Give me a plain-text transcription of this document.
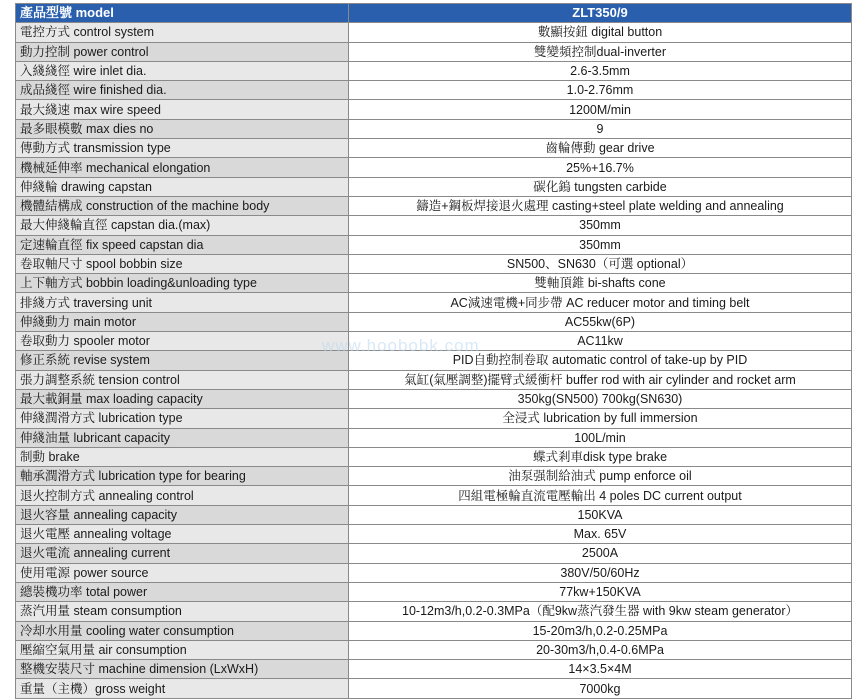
產品型號 model	ZLT350/9
電控方式 control system	數顯按鈕 digital button
動力控制 power control	雙變頻控制dual-inverter
入綫綫徑 wire inlet dia.	2.6-3.5mm
成品綫徑 wire finished dia.	1.0-2.76mm
最大綫速 max wire speed	1200M/min
最多眼模數 max dies no	9
傳動方式 transmission type	齒輪傳動 gear drive
機械延伸率 mechanical elongation	25%+16.7%
伸綫輪 drawing capstan	碳化鎢 tungsten carbide
機體結構成 construction of the machine body	鑄造+鋼板焊接退火處理 casting+steel plate welding and annealing
最大伸綫輪直徑 capstan dia.(max)	350mm
定速輪直徑 fix speed capstan dia	350mm
卷取軸尺寸 spool bobbin size	SN500、SN630（可選 optional）
上下軸方式 bobbin loading&unloading type	雙軸頂錐 bi-shafts cone
排綫方式 traversing unit	AC減速電機+同步帶 AC reducer motor and timing belt
伸綫動力 main motor	AC55kw(6P)
卷取動力 spooler motor	AC11kw
修正系統 revise system	PID自動控制卷取 automatic control of take-up by PID
張力調整系統 tension control	氣缸(氣壓調整)擺臂式緩衝杆 buffer rod with air cylinder and rocket arm
最大載銅量 max loading capacity	350kg(SN500) 700kg(SN630)
伸綫潤滑方式 lubrication type	全浸式 lubrication by full immersion
伸綫油量 lubricant capacity	100L/min
制動 brake	蝶式剎車disk type brake
軸承潤滑方式 lubrication type for bearing	油泵强制給油式 pump enforce oil
退火控制方式 annealing control	四組電極輪直流電壓輸出 4 poles DC current output
退火容量 annealing capacity	150KVA
退火電壓 annealing voltage	Max. 65V
退火電流 annealing current	2500A
使用電源 power source	380V/50/60Hz
總裝機功率 total power	77kw+150KVA
蒸汽用量 steam consumption	10-12m3/h,0.2-0.3MPa（配9kw蒸汽發生器 with 9kw steam generator）
冷却水用量 cooling water consumption	15-20m3/h,0.2-0.25MPa
壓縮空氣用量 air consumption	20-30m3/h,0.4-0.6MPa
整機安裝尺寸 machine dimension (LxWxH)	14×3.5×4M
重量（主機）gross weight	7000kg
www.hoobobk.com
